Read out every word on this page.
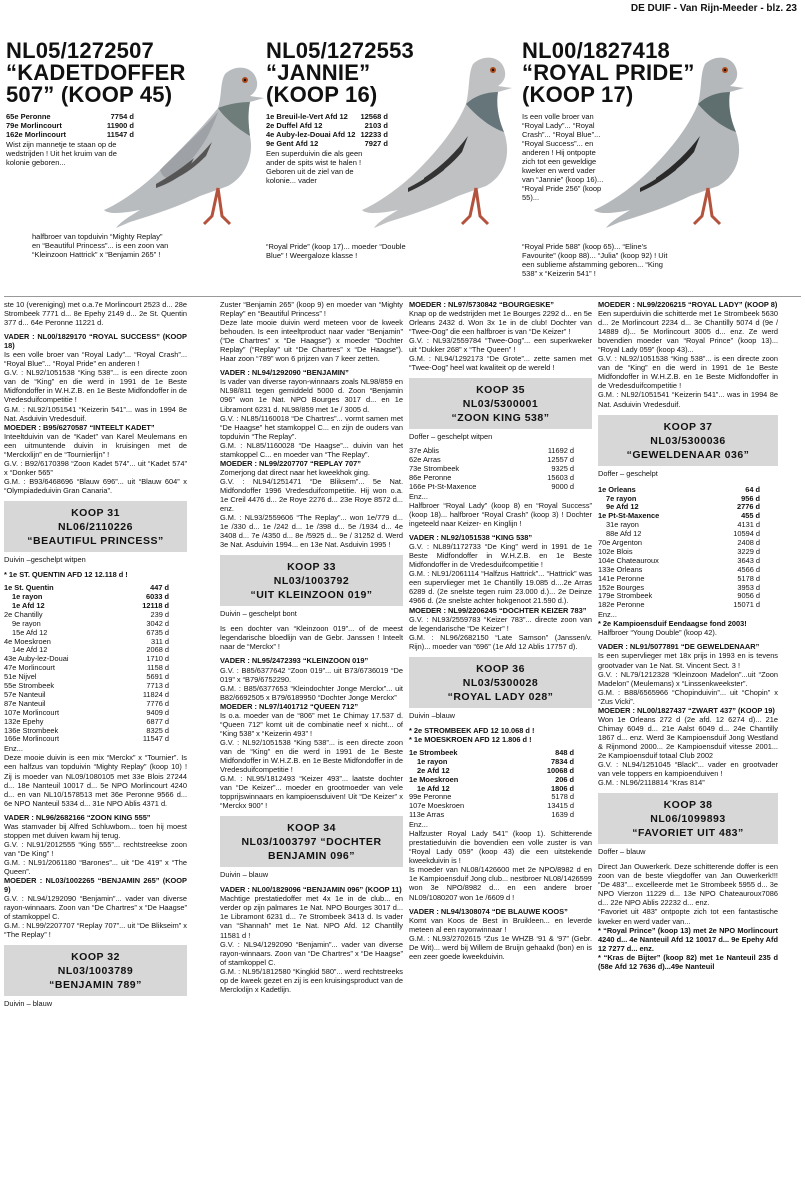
DE DUIF - Van Rijn-Meeder - blz. 23
NL05/1272507
“KADETDOFFER
507” (KOOP 45)
65e Peronne	7754 d
79e Morlincourt	11900 d
162e Morlincourt	11547 d
Wist zijn mannetje te staan op de wedstrijden ! Uit het kruim van de kolonie geboren...
halfbroer van topduivin “Mighty Replay” en “Beautiful Princess”... is een zoon van “Kleinzoon Hattrick” x “Benjamin 265” !
NL05/1272553
“JANNIE”
(KOOP 16)
1e Breuil-le-Vert Afd 12 12568 d
2e Duffel Afd 12	2103 d
4e Auby-lez-Douai Afd 12 12233 d
9e Gent Afd 12	7927 d
Een superduivin die als geen ander de spits wist te halen ! Geboren uit de ziel van de kolonie... vader
“Royal Pride” (koop 17)... moeder “Double Blue” ! Weergaloze klasse !
NL00/1827418
“ROYAL PRIDE”
(KOOP 17)
Is een volle broer van “Royal Lady”... “Royal Crash”... “Royal Blue”... “Royal Success”... en anderen ! Hij ontpopte zich tot een geweldige kweker en werd vader van “Jannie” (koop 16)... “Royal Pride 256” (koop 55)...
“Royal Pride 588” (koop 65)... “Eline’s Favourite” (koop 88)... “Julia” (koop 92) ! Uit een sublieme afstamming geboren... “King 538” x “Keizerin 541” !

ste 10 (vereniging) met o.a.7e Morlincourt 2523 d... 28e Strombeek 7771 d... 8e Epehy 2149 d... 2e St. Quentin 377 d... 64e Peronne 11221 d.

VADER : NL00/1829170 “ROYAL SUCCESS” (KOOP 18)

Is een volle broer van “Royal Lady”... “Royal Crash”... “Royal Blue”... “Royal Pride” en anderen !

G.V. : NL92/1051538 “King 538”... is een directe zoon van de “King” en die werd in 1991 de 1e Beste Midfondoffer in W.H.Z.B. en 1e Beste Midfondoffer in de Vredesduifcompetitie !

G.M. : NL92/1051541 “Keizerin 541”... was in 1994 8e Nat. Asduivin Vredesduif.

MOEDER : B95/6270587 “INTEELT KADET”

Inteeltduivin van de “Kadet” van Karel Meulemans en een uitmuntende duivin in kruisingen met de “Merckxlijn” en de “Tournierlijn” !

G.V. : B92/6170398 “Zoon Kadet 574”... uit “Kadet 574” x “Donker 565”

G.M. : B93/6468696 “Blauw 696”... uit “Blauw 604” x “Olympiadeduivin Gran Canaria”.

KOOP 31
NL06/2110226
“BEAUTIFUL PRINCESS”

Duivin –geschelpt witpen

* 1e ST. QUENTIN AFD 12 12.118 d !

1e St. Quentin	447 d
1e rayon	6033 d
1e Afd 12	12118 d
2e Chantilly	239 d
9e rayon	3042 d
15e Afd 12	6735 d
4e Moeskroen	311 d
14e Afd 12	2068 d
43e Auby-lez-Douai	1710 d
47e Morlincourt	1158 d
51e Nijvel	5691 d
55e Strombeek	7713 d
57e Nanteuil	11824 d
87e Nanteuil	7776 d
107e Morlincourt	9409 d
132e Epehy	6877 d
136e Strombeek	8325 d
166e Morlincourt	11547 d

Enz...

Deze mooie duivin is een mix “Merckx” x “Tournier”. Is een halfzus van topduivin “Mighty Replay” (koop 10) ! Zij is moeder van NL09/1080105 met 33e Blois 27244 d... 18e Nanteuil 10017 d... 5e NPO Morlincourt 4240 d... en van NL10/1578513 met 36e Peronne 9566 d... 6e NPO Nanteuil 5334 d... 31e NPO Ablis 4371 d.

VADER : NL96/2682166 “ZOON KING 555”

Was stamvader bij Alfred Schluwbom... toen hij moest stoppen met duiven kwam hij terug.

G.V. : NL91/2012555 “King 555”... rechtstreekse zoon van “De King” !

G.M. : NL91/2061180 “Barones”... uit “De 419” x “The Queen”.

MOEDER : NL03/1002265 “BENJAMIN 265” (KOOP 9)

G.V. : NL94/1292090 “Benjamin”... vader van diverse rayon-winnaars. Zoon van “De Chartres” x “De Haagse” of stamkoppel C.

G.M. : NL99/2207707 “Replay 707”... uit “De Blikseim” x “The Replay” !

KOOP 32
NL03/1003789
“BENJAMIN 789”

Duivin – blauw

Zuster “Benjamin 265” (koop 9) en moeder van “Mighty Replay” en “Beautiful Princess” !

Deze late mooie duivin werd meteen voor de kweek behouden. Is een inteeltproduct naar vader “Benjamin” (“De Chartres” x “De Haagse”) x moeder “Dochter Replay” (“Replay” uit “De Chartres” x “De Haagse”). Haar zoon “789” won 6 prijzen van 7 keer zetten.

VADER : NL94/1292090 “BENJAMIN”

Is vader van diverse rayon-winnaars zoals NL98/859 en NL98/811 tegen gemiddeld 5000 d. Zoon “Benjamin 096” won 1e Nat. NPO Bourges 3017 d... en 1e Libramont 6231 d. NL98/859 met 1e / 3005 d.

G.V. : NL85/1160018 “De Chartres”... vormt samen met “De Haagse” het stamkoppel C... en zijn de ouders van topduivin “The Replay”.

G.M. : NL85/1160028 “De Haagse”... duivin van het stamkoppel C... en moeder van “The Replay”.

MOEDER : NL99/2207707 “REPLAY 707”

Zomerjong dat direct naar het kweekhok ging.

G.V. : NL94/1251471 “De Bliksem”... 5e Nat. Midfondoffer 1996 Vredesduifcompetitie. Hij won o.a. 1e Creil 4476 d... 2e Roye 2276 d... 23e Roye 8572 d... enz.

G.M. : NL93/2559606 “The Replay”... won 1e/779 d... 1e /330 d... 1e /242 d... 1e /398 d... 5e /1934 d... 4e 3408 d... 7e /4350 d... 8e /5925 d... 9e / 31252 d. Werd 3e Nat. Asduivin 1994... en 13e Nat. Asduivin 1995 !

KOOP 33
NL03/1003792
“UIT KLEINZOON 019”

Duivin – geschelpt bont

Is een dochter van “Kleinzoon 019”... of de meest legendarische bloedlijn van de Gebr. Janssen ! Inteelt naar de “Merckx” !

VADER : NL95/2472393 “KLEINZOON 019”

G.V. : B85/6377642 “Zoon 019”... uit B73/6736019 “De 019” x “B79/6752290.

G.M. : B85/6377653 “Kleindochter Jonge Merckx”... uit B82/6692505 x B79/6189950 “Dochter Jonge Merckx”

MOEDER : NL97/1401712 “QUEEN 712”

Is o.a. moeder van de “806” met 1e Chimay 17.537 d. “Queen 712” komt uit de combinatie neef x nicht... of “King 538” x “Keizerin 493” !

G.V. : NL92/1051538 “King 538”... is een directe zoon van de “King” en die werd in 1991 de 1e Beste Midfondoffer in W.H.Z.B. en 1e Beste Midfondoffer in de Vredesduifcompetitie !

G.M. : NL95/1812493 “Keizer 493”... laatste dochter van “De Keizer”... moeder en grootmoeder van vele topprijswinnaars en kampioensduiven! Uit “De Keizer” x “Merckx 900” !

KOOP 34
NL03/1003797 “DOCHTER
BENJAMIN 096”

Duivin – blauw

VADER : NL00/1829096 “BENJAMIN 096” (KOOP 11)

Machtige prestatiedoffer met 4x 1e in de club... en verder op zijn palmares 1e Nat. NPO Bourges 3017 d... 1e Libramont 6231 d... 7e Strombeek 3413 d. Is vader van “Shannah” met 1e Nat. NPO Afd. 12 Chantilly 11581 d !

G.V. : NL94/1292090 “Benjamin”... vader van diverse rayon-winnaars. Zoon van “De Chartres” x “De Haagse” of stamkoppel C.

G.M. : NL95/1812580 “Kingkid 580”... werd rechtstreeks op de kweek gezet en zij is een kruisingsproduct van de Merckxlijn x Kadetlijn.

MOEDER : NL97/5730842 “BOURGESKE”

Knap op de wedstrijden met 1e Bourges 2292 d... en 5e Orleans 2432 d. Won 3x 1e in de club! Dochter van “Twee-Oog” die een halfbroer is van “De Keizer” !

G.V. : NL93/2559784 “Twee-Oog”... een superkweker uit “Dukker 268” x “The Queen” !

G.M. : NL94/1292173 “De Grote”... zette samen met “Twee-Oog” heel wat kwaliteit op de wereld !

KOOP 35
NL03/5300001
“ZOON KING 538”

Doffer – geschelpt witpen

37e Ablis	11692 d
62e Arras	12557 d
73e Strombeek	9325 d
86e Peronne	15603 d
166e Pt-St-Maxence	9000 d

Enz...

Halfbroer “Royal Lady” (koop 8) en “Royal Success” (koop 18)... halfbroer “Royal Crash” (koop 3) ! Dochter ingeteeld naar Keizer- en Kinglijn !

VADER : NL92/1051538 “KING 538”

G.V. : NL89/1172733 “De King” werd in 1991 de 1e Beste Midfondoffer in W.H.Z.B. en 1e Beste Midfondoffer in de Vredesduifcompetitie !

G.M. : NL91/2061114 “Halfzus Hattrick”... “Hattrick” was een supervlieger met 1e Chantilly 19.085 d....2e Arras 6289 d. (2e snelste tegen ruim 23.000 d.)... 2e Deinze 4966 d. (2e snelste achter hokgenoot 21.590 d.).

MOEDER : NL99/2206245 “DOCHTER KEIZER 783”

G.V. : NL93/2559783 “Keizer 783”... directe zoon van de legendarische “De Keizer” !

G.M. : NL96/2682150 “Late Samson” (Janssen/v. Rijn)... moeder van “696” (1e Afd 12 Ablis 17757 d).

KOOP 36
NL03/5300028
“ROYAL LADY 028”

Duivin –blauw

* 2e STROMBEEK AFD 12 10.068 d !

* 1e MOESKROEN AFD 12 1.806 d !

1e Strombeek	848 d
1e rayon	7834 d
2e Afd 12	10068 d
1e Moeskroen	206 d
1e Afd 12	1806 d
99e Peronne	5178 d
107e Moeskroen	13415 d
113e Arras	1639 d

Enz...

Halfzuster Royal Lady 541” (koop 1). Schitterende prestatieduivin die bovendien een volle zuster is van “Royal Lady 059” (koop 43) die een uitstekende kweekduivin is !

Is moeder van NL08/1426600 met 2e NPO/8982 d en 1e Kampioensduif Jong club... nestbroer NL08/1426599 won 3e NPO/8982 d... en een andere broer NL09/1080207 won 1e /6609 d !

VADER : NL94/1308074 “DE BLAUWE KOOS”

Komt van Koos de Best in Bruikleen... en leverde meteen al een rayonwinnaar !

G.M. : NL93/2702615 “Zus 1e WHZB ‘91 & ‘97” (Gebr. De Wit)... werd bij Willem de Bruijn gehaakd (bon) en is een zeer goede kweekduivin.

MOEDER : NL99/2206215 “ROYAL LADY” (KOOP 8)

Een superduivin die schitterde met 1e Strombeek 5630 d... 2e Morlincourt 2234 d... 3e Chantilly 5074 d (9e / 14889 d)... 5e Morlincourt 3005 d... enz. Ze werd bovendien moeder van “Royal Prince” (koop 13)... “Royal Lady 059” (koop 43)...

G.V. : NL92/1051538 “King 538”... is een directe zoon van de “King” en die werd in 1991 de 1e Beste Midfondoffer in W.H.Z.B. en 1e Beste Midfondoffer in de Vredesduifcompetitie !

G.M. : NL92/1051541 “Keizerin 541”... was in 1994 8e Nat. Asduivin Vredesduif.

KOOP 37
NL03/5300036
“GEWELDENAAR 036”

Doffer – geschelpt

1e Orleans	64 d
7e rayon	956 d
9e Afd 12	2776 d
1e Pt-St-Maxence	455 d
31e rayon	4131 d
88e Afd 12	10594 d
70e Argenton	2408 d
102e Blois	3229 d
104e Chateauroux	3643 d
133e Orleans	4566 d
141e Peronne	5178 d
152e Bourges	3953 d
179e Strombeek	9056 d
182e Peronne	15071 d

Enz...

* 2e Kampioensduif Eendaagse fond 2003!

Halfbroer “Young Double” (koop 42).

VADER : NL91/5077891 “DE GEWELDENAAR”

Is een supervlieger met 18x prijs in 1993 en is tevens grootvader van 1e Nat. St. Vincent Sect. 3 !

G.V. : NL79/1212328 “Kleinzoon Madelon”...uit “Zoon Madelon” (Meulemans) x “Linssenkweekster”.

G.M. : B88/6565966 “Chopinduivin”... uit “Chopin” x “Zus Vicki”.

MOEDER : NL00/1827437 “ZWART 437” (KOOP 19)

Won 1e Orleans 272 d (2e afd. 12 6274 d)... 21e Chimay 6049 d... 21e Aalst 6049 d... 24e Chantilly 1867 d... enz. Werd 3e Kampioensduif Jong Westland & Rijnmond 2000... 2e Kampioensduif vitesse 2001... 2e Kampioensduif totaal Club 2002

G.V. : NL94/1251045 “Black”... vader en grootvader van vele toppers en kampioenduiven !

G.M. : NL96/2118814 “Kras 814”

KOOP 38
NL06/1099893
“FAVORIET UIT 483”

Doffer – blauw

Direct Jan Ouwerkerk. Deze schitterende doffer is een zoon van de beste vliegdoffer van Jan Ouwerkerk!!! “De 483”... excelleerde met 1e Strombeek 5955 d... 3e NPO Vierzon 11229 d... 13e NPO Chateauroux7086 d... 22e NPO Ablis 22232 d... enz.

“Favoriet uit 483” ontpopte zich tot een fantastische kweker en werd vader van...

* “Royal Prince” (koop 13) met 2e NPO Morlincourt 4240 d... 4e Nanteuil Afd 12 10017 d... 9e Epehy Afd 12 7277 d... enz.

* “Kras de Bijter” (koop 82) met 1e Nanteuil 235 d (58e Afd 12 7636 d)...49e Nanteuil
